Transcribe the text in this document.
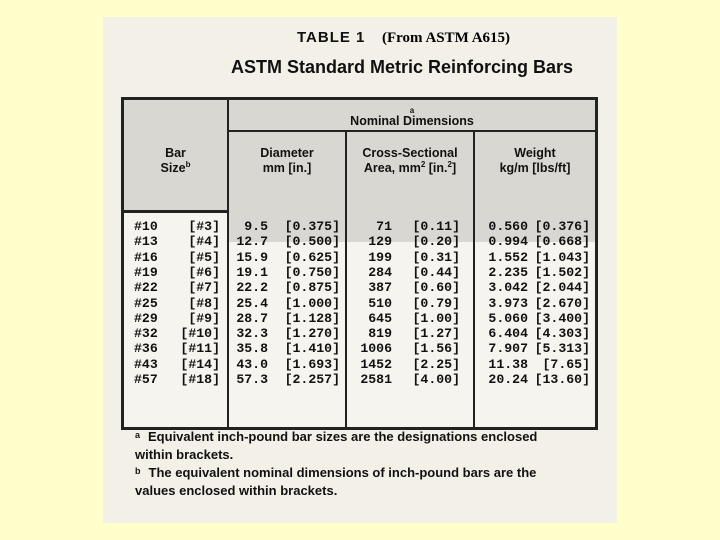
TABLE 1 (From ASTM A615)
ASTM Standard Metric Reinforcing Bars
Bar
Size$^b$
Diameter
mm [in.]
Cross-Sectional
Area, $mm^2$ [in.$^2$]
Weight
kg/m [lbs/ft]
Nominal Dimensions
$^a$
#10	[#3]	9.5	[0.375]	71	[0.11]	0.560 [0.376]
#13	[#4] 12.7	[0.500]	129	[0.20]	0.994 [0.668]
#16	[#5] 15.9	[0.625]	199	[0.31]	1.552 [1.043]
#19	[#6] 19.1	[0.750]	284	[0.44]	2.235 [1.502]
#22	[#7] 22.2	[0.875]	387	[0.60]	3.042 [2.044]
#25	[#8] 25.4	[1.000]	510	[0.79]	3.973 [2.670]
#29	[#9] 28.7	[1.128]	645	[1.00]	5.060 [3.400]
#32	[#10] 32.3	[1.270]	819	[1.27]	6.404 [4.303]
#36	[#11] 35.8	[1.410]	1006	[1.56]	7.907 [5.313]
#43	[#14] 43.0	[1.693]	1452	[2.25]	11.38	[7.65]
#57	[#18] 57.3	[2.257]	2581	[4.00]	20.24 [13.60]
$^a$ Equivalent inch-pound bar sizes are the designations enclosed
within brackets.
$^b$ The equivalent nominal dimensions of inch-pound bars are the
values enclosed within brackets.
